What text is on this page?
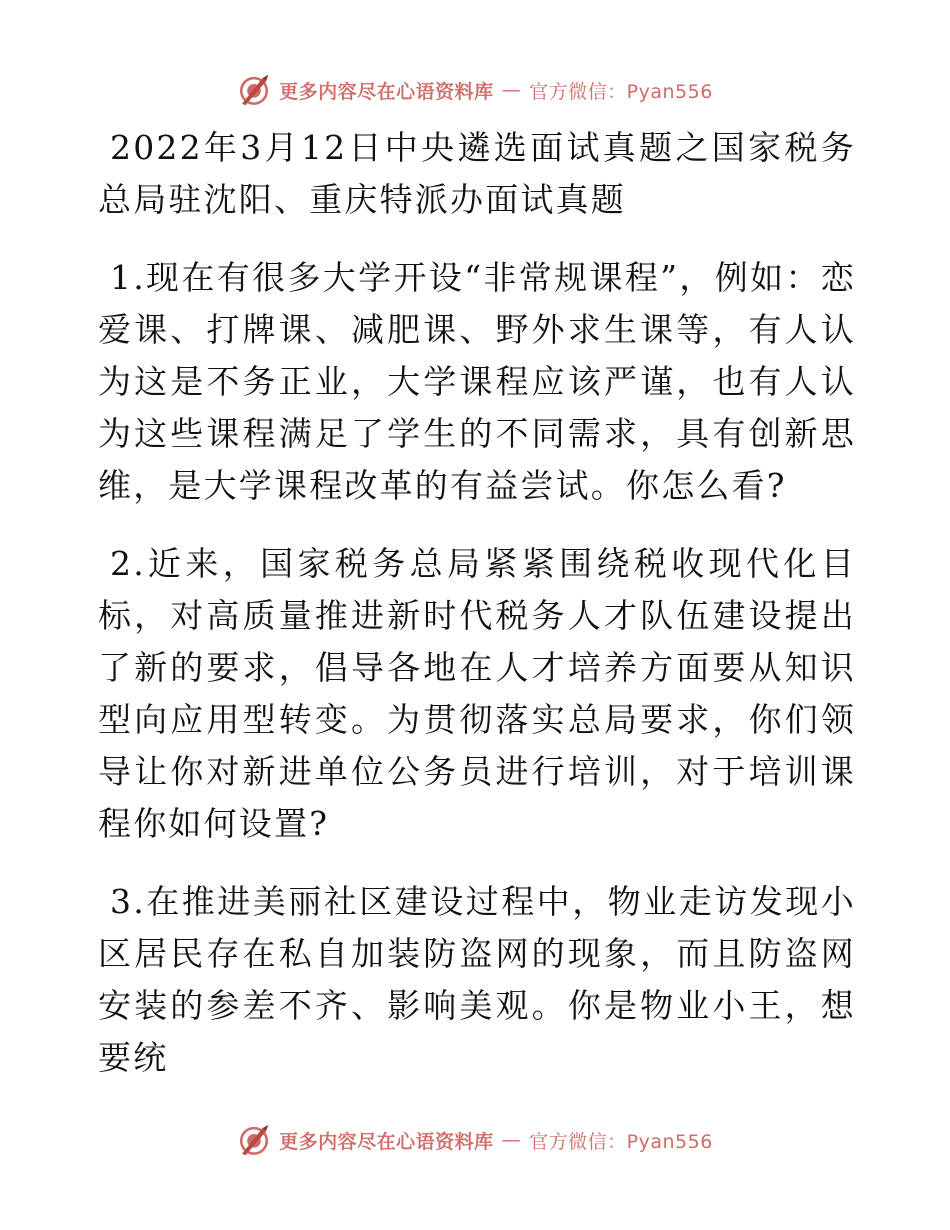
更多内容尽在心语资料库 — 官方微信：Pyan556

2022年3月12日中央遴选面试真题之国家税务总局驻沈阳、重庆特派办面试真题

1.现在有很多大学开设“非常规课程”，例如：恋爱课、打牌课、减肥课、野外求生课等，有人认为这是不务正业，大学课程应该严谨，也有人认为这些课程满足了学生的不同需求，具有创新思维，是大学课程改革的有益尝试。你怎么看?

2.近来，国家税务总局紧紧围绕税收现代化目标，对高质量推进新时代税务人才队伍建设提出了新的要求，倡导各地在人才培养方面要从知识型向应用型转变。为贯彻落实总局要求，你们领导让你对新进单位公务员进行培训，对于培训课程你如何设置?

3.在推进美丽社区建设过程中，物业走访发现小区居民存在私自加装防盗网的现象，而且防盗网安装的参差不齐、影响美观。你是物业小王，想要统

更多内容尽在心语资料库 — 官方微信：Pyan556
